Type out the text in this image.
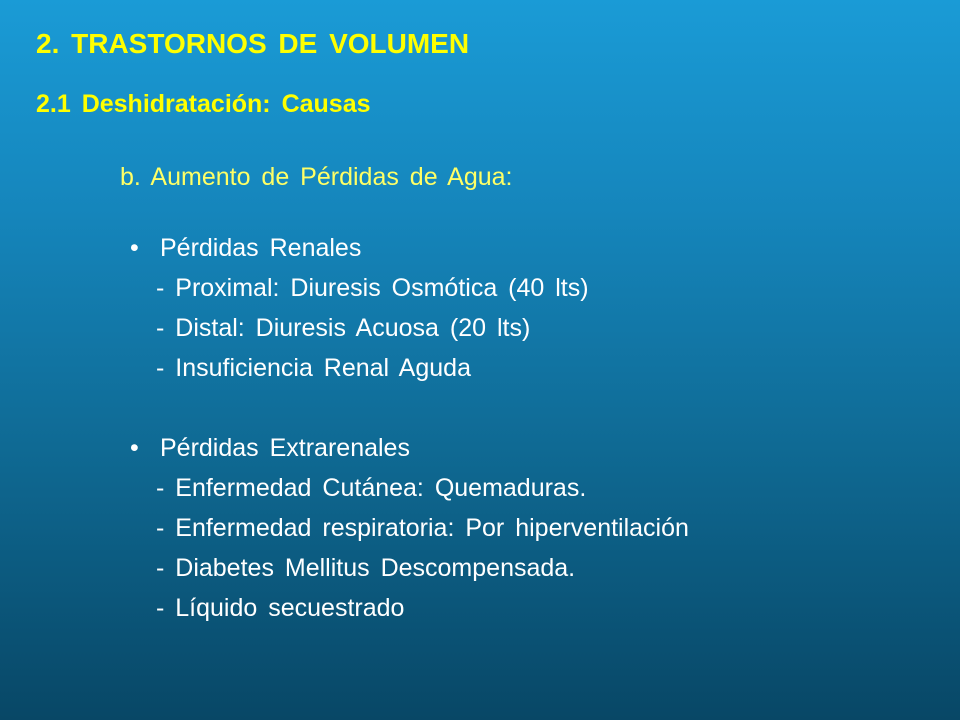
2. TRASTORNOS DE VOLUMEN
2.1 Deshidratación: Causas
b. Aumento de Pérdidas de Agua:
• Pérdidas Renales
- Proximal: Diuresis Osmótica (40 lts)
- Distal: Diuresis Acuosa (20 lts)
- Insuficiencia Renal Aguda
• Pérdidas Extrarenales
- Enfermedad Cutánea: Quemaduras.
- Enfermedad respiratoria: Por hiperventilación
- Diabetes Mellitus Descompensada.
- Líquido secuestrado
